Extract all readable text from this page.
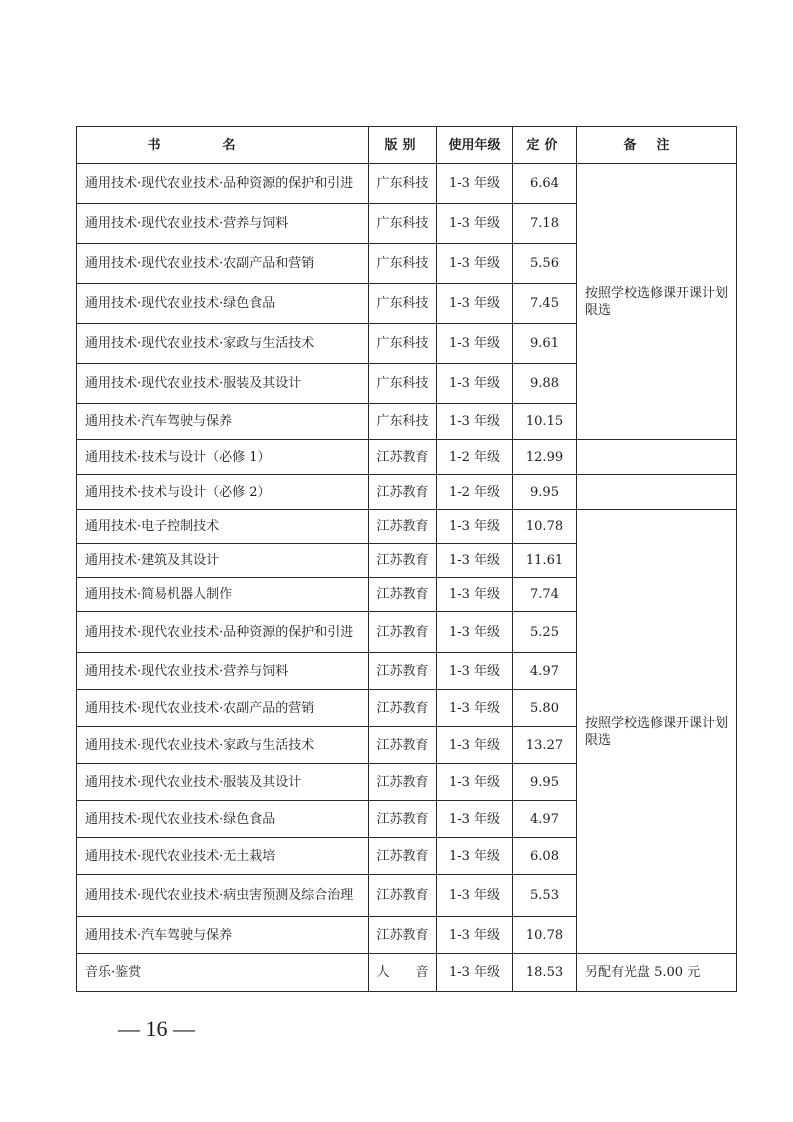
书名	版别	使用年级	定价	备注
通用技术·现代农业技术·品种资源的保护和引进	广东科技	1-3 年级	6.64	按照学校选修课开课计划限选
通用技术·现代农业技术·营养与饲料	广东科技	1-3 年级	7.18	
通用技术·现代农业技术·农副产品和营销	广东科技	1-3 年级	5.56	
通用技术·现代农业技术·绿色食品	广东科技	1-3 年级	7.45	
通用技术·现代农业技术·家政与生活技术	广东科技	1-3 年级	9.61	
通用技术·现代农业技术·服装及其设计	广东科技	1-3 年级	9.88	
通用技术·汽车驾驶与保养	广东科技	1-3 年级	10.15	
通用技术·技术与设计（必修 1）	江苏教育	1-2 年级	12.99	
通用技术·技术与设计（必修 2）	江苏教育	1-2 年级	9.95	
通用技术·电子控制技术	江苏教育	1-3 年级	10.78	按照学校选修课开课计划限选
通用技术·建筑及其设计	江苏教育	1-3 年级	11.61	
通用技术·简易机器人制作	江苏教育	1-3 年级	7.74	
通用技术·现代农业技术·品种资源的保护和引进	江苏教育	1-3 年级	5.25	
通用技术·现代农业技术·营养与饲料	江苏教育	1-3 年级	4.97	
通用技术·现代农业技术·农副产品的营销	江苏教育	1-3 年级	5.80	
通用技术·现代农业技术·家政与生活技术	江苏教育	1-3 年级	13.27	
通用技术·现代农业技术·服装及其设计	江苏教育	1-3 年级	9.95	
通用技术·现代农业技术·绿色食品	江苏教育	1-3 年级	4.97	
通用技术·现代农业技术·无土栽培	江苏教育	1-3 年级	6.08	
通用技术·现代农业技术·病虫害预测及综合治理	江苏教育	1-3 年级	5.53	
通用技术·汽车驾驶与保养	江苏教育	1-3 年级	10.78	
音乐·鉴赏	人　　音	1-3 年级	18.53	另配有光盘 5.00 元
— 16 —
